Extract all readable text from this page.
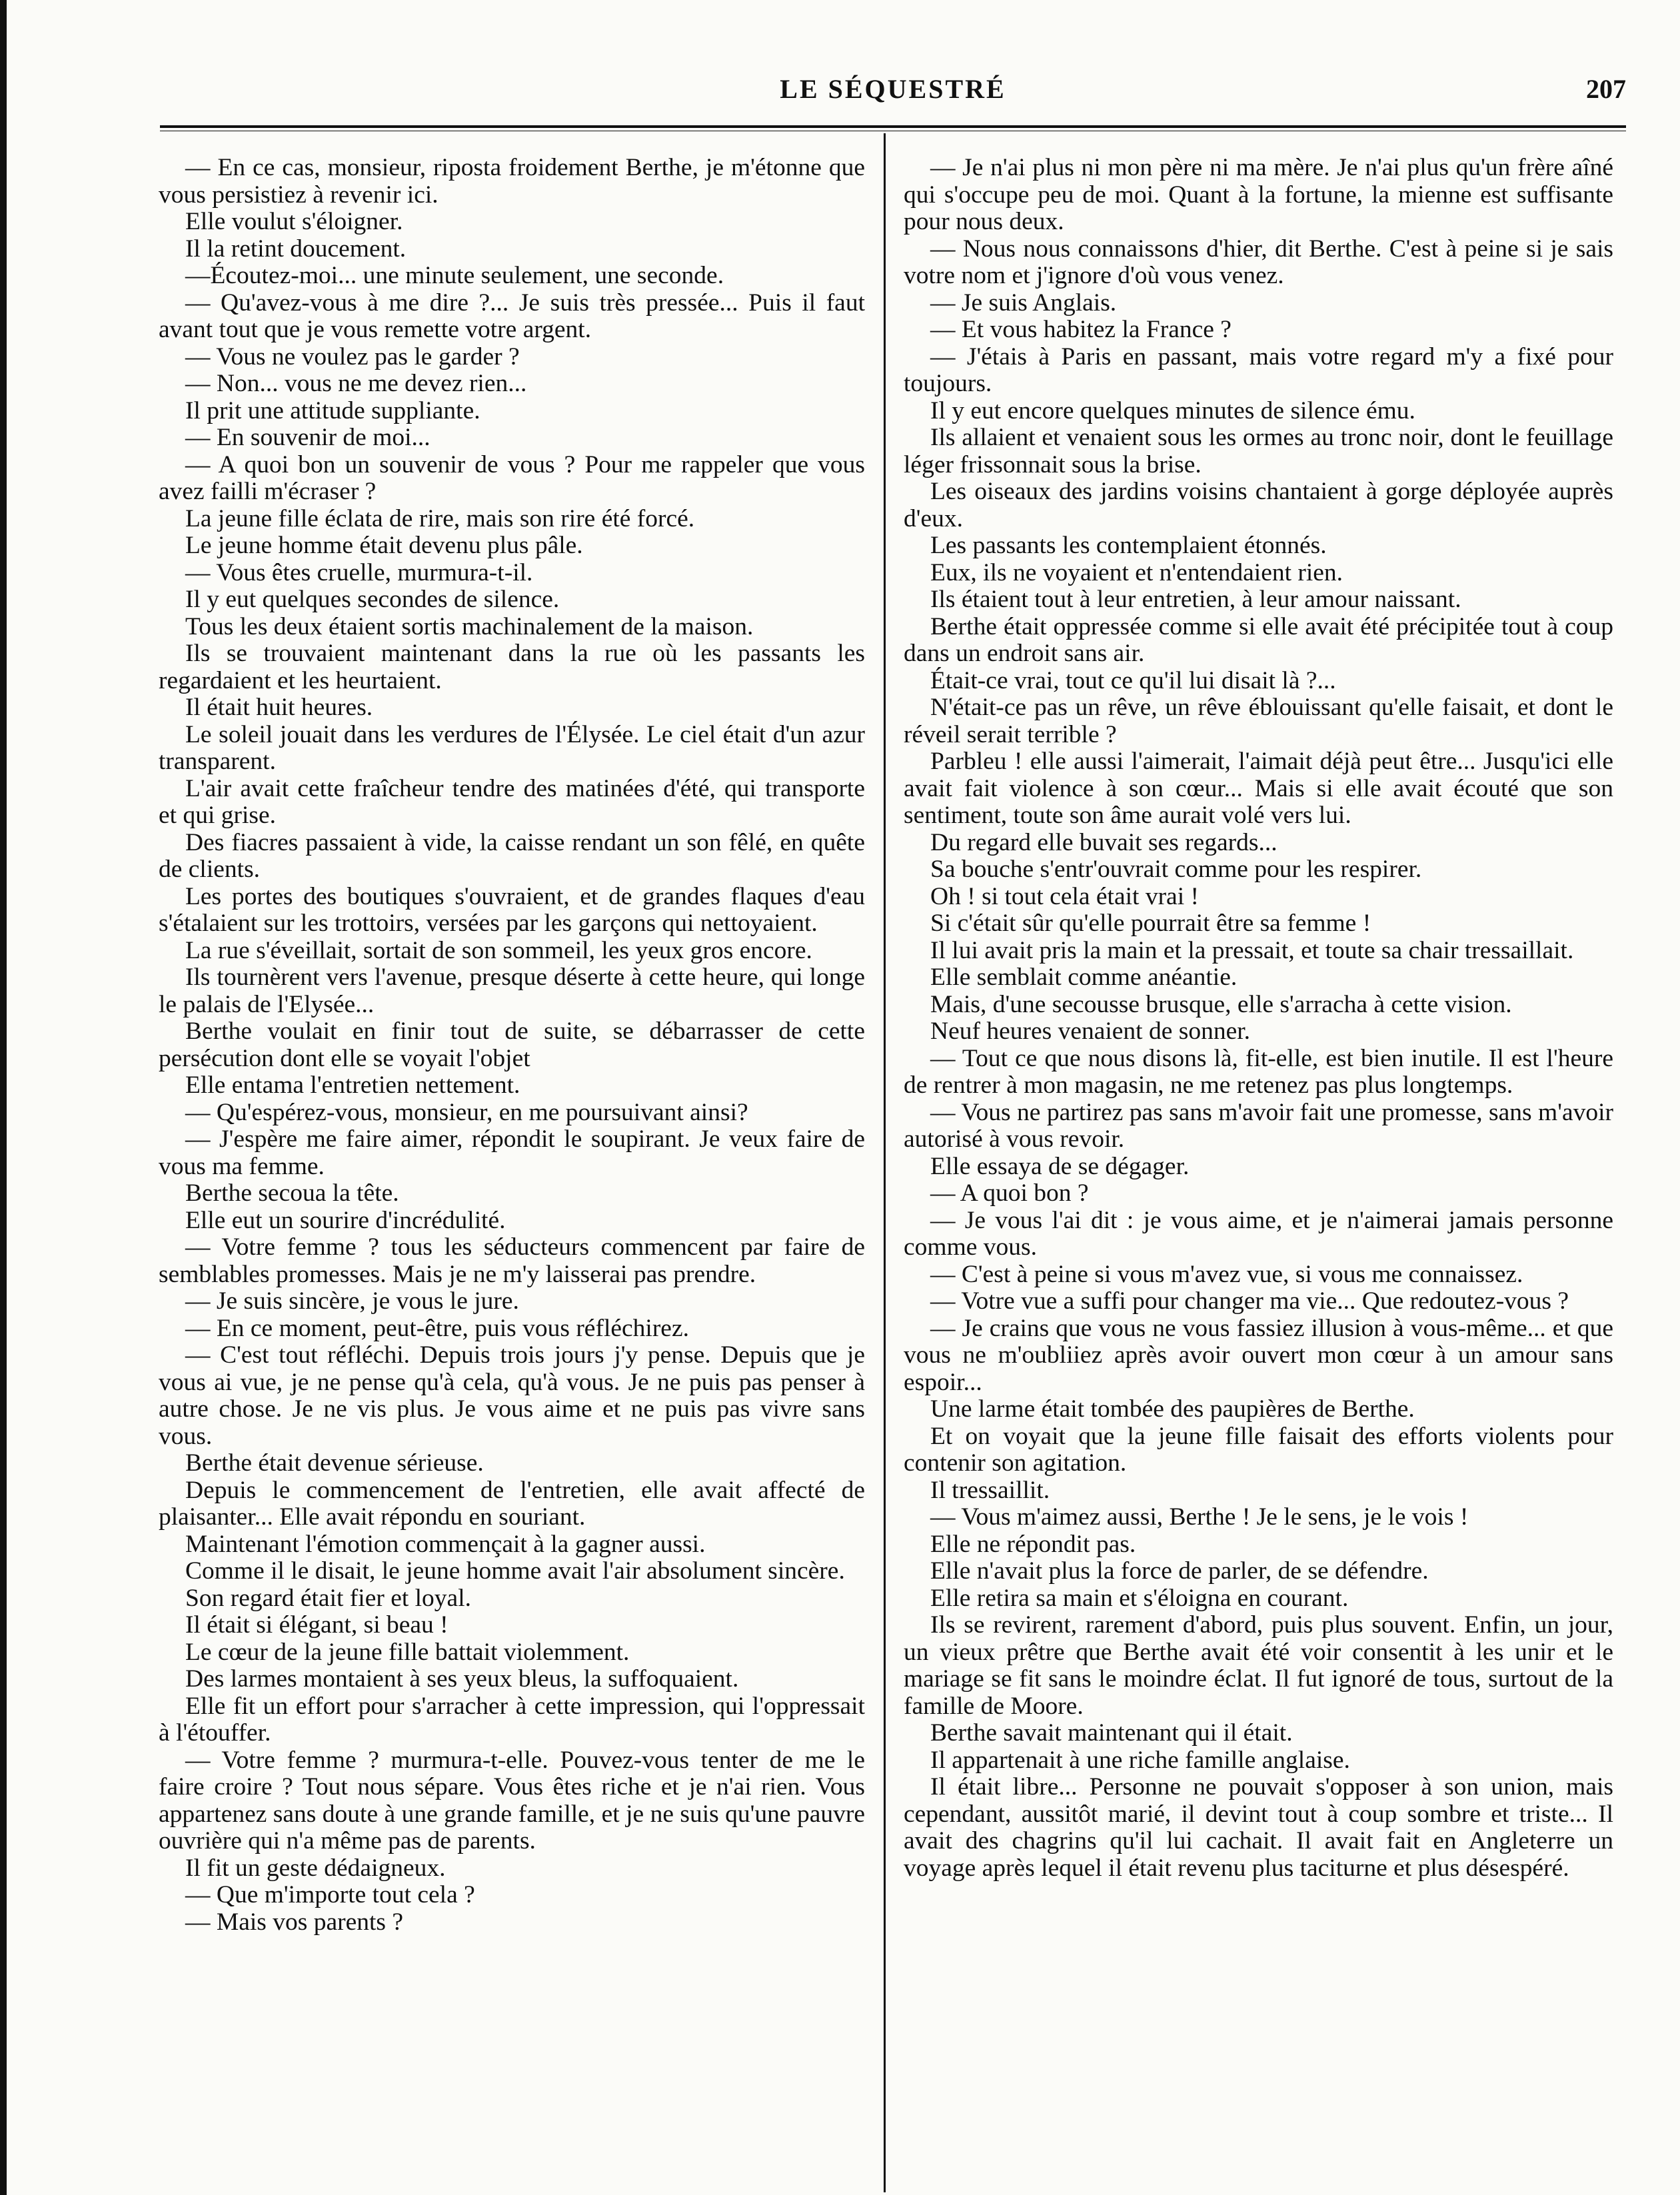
LE SÉQUESTRÉ	207

— En ce cas, monsieur, riposta froidement Berthe, je m'étonne que vous persistiez à revenir ici.

Elle voulut s'éloigner.

Il la retint doucement.

—Écoutez-moi... une minute seulement, une seconde.

— Qu'avez-vous à me dire ?... Je suis très pressée... Puis il faut avant tout que je vous remette votre argent.

— Vous ne voulez pas le garder ?

— Non... vous ne me devez rien...

Il prit une attitude suppliante.

— En souvenir de moi...

— A quoi bon un souvenir de vous ? Pour me rappeler que vous avez failli m'écraser ?

La jeune fille éclata de rire, mais son rire été forcé.

Le jeune homme était devenu plus pâle.

— Vous êtes cruelle, murmura-t-il.

Il y eut quelques secondes de silence.

Tous les deux étaient sortis machinalement de la maison.

Ils se trouvaient maintenant dans la rue où les passants les regardaient et les heurtaient.

Il était huit heures.

Le soleil jouait dans les verdures de l'Élysée. Le ciel était d'un azur transparent.

L'air avait cette fraîcheur tendre des matinées d'été, qui transporte et qui grise.

Des fiacres passaient à vide, la caisse rendant un son fêlé, en quête de clients.

Les portes des boutiques s'ouvraient, et de grandes flaques d'eau s'étalaient sur les trottoirs, versées par les garçons qui nettoyaient.

La rue s'éveillait, sortait de son sommeil, les yeux gros encore.

Ils tournèrent vers l'avenue, presque déserte à cette heure, qui longe le palais de l'Elysée...

Berthe voulait en finir tout de suite, se débarrasser de cette persécution dont elle se voyait l'objet

Elle entama l'entretien nettement.

— Qu'espérez-vous, monsieur, en me poursuivant ainsi?

— J'espère me faire aimer, répondit le soupirant. Je veux faire de vous ma femme.

Berthe secoua la tête.

Elle eut un sourire d'incrédulité.

— Votre femme ? tous les séducteurs commencent par faire de semblables promesses. Mais je ne m'y laisserai pas prendre.

— Je suis sincère, je vous le jure.

— En ce moment, peut-être, puis vous réfléchirez.

— C'est tout réfléchi. Depuis trois jours j'y pense. Depuis que je vous ai vue, je ne pense qu'à cela, qu'à vous. Je ne puis pas penser à autre chose. Je ne vis plus. Je vous aime et ne puis pas vivre sans vous.

Berthe était devenue sérieuse.

Depuis le commencement de l'entretien, elle avait affecté de plaisanter... Elle avait répondu en souriant.

Maintenant l'émotion commençait à la gagner aussi.

Comme il le disait, le jeune homme avait l'air absolument sincère.

Son regard était fier et loyal.

Il était si élégant, si beau !

Le cœur de la jeune fille battait violemment.

Des larmes montaient à ses yeux bleus, la suffoquaient.

Elle fit un effort pour s'arracher à cette impression, qui l'oppressait à l'étouffer.

— Votre femme ? murmura-t-elle. Pouvez-vous tenter de me le faire croire ? Tout nous sépare. Vous êtes riche et je n'ai rien. Vous appartenez sans doute à une grande famille, et je ne suis qu'une pauvre ouvrière qui n'a même pas de parents.

Il fit un geste dédaigneux.

— Que m'importe tout cela ?

— Mais vos parents ?

— Je n'ai plus ni mon père ni ma mère. Je n'ai plus qu'un frère aîné qui s'occupe peu de moi. Quant à la fortune, la mienne est suffisante pour nous deux.

— Nous nous connaissons d'hier, dit Berthe. C'est à peine si je sais votre nom et j'ignore d'où vous venez.

— Je suis Anglais.

— Et vous habitez la France ?

— J'étais à Paris en passant, mais votre regard m'y a fixé pour toujours.

Il y eut encore quelques minutes de silence ému.

Ils allaient et venaient sous les ormes au tronc noir, dont le feuillage léger frissonnait sous la brise.

Les oiseaux des jardins voisins chantaient à gorge déployée auprès d'eux.

Les passants les contemplaient étonnés.

Eux, ils ne voyaient et n'entendaient rien.

Ils étaient tout à leur entretien, à leur amour naissant.

Berthe était oppressée comme si elle avait été précipitée tout à coup dans un endroit sans air.

Était-ce vrai, tout ce qu'il lui disait là ?...

N'était-ce pas un rêve, un rêve éblouissant qu'elle faisait, et dont le réveil serait terrible ?

Parbleu ! elle aussi l'aimerait, l'aimait déjà peut être... Jusqu'ici elle avait fait violence à son cœur... Mais si elle avait écouté que son sentiment, toute son âme aurait volé vers lui.

Du regard elle buvait ses regards...

Sa bouche s'entr'ouvrait comme pour les respirer.

Oh ! si tout cela était vrai !

Si c'était sûr qu'elle pourrait être sa femme !

Il lui avait pris la main et la pressait, et toute sa chair tressaillait.

Elle semblait comme anéantie.

Mais, d'une secousse brusque, elle s'arracha à cette vision.

Neuf heures venaient de sonner.

— Tout ce que nous disons là, fit-elle, est bien inutile. Il est l'heure de rentrer à mon magasin, ne me retenez pas plus longtemps.

— Vous ne partirez pas sans m'avoir fait une promesse, sans m'avoir autorisé à vous revoir.

Elle essaya de se dégager.

— A quoi bon ?

— Je vous l'ai dit : je vous aime, et je n'aimerai jamais personne comme vous.

— C'est à peine si vous m'avez vue, si vous me connaissez.

— Votre vue a suffi pour changer ma vie... Que redoutez-vous ?

— Je crains que vous ne vous fassiez illusion à vous-même... et que vous ne m'oubliiez après avoir ouvert mon cœur à un amour sans espoir...

Une larme était tombée des paupières de Berthe.

Et on voyait que la jeune fille faisait des efforts violents pour contenir son agitation.

Il tressaillit.

— Vous m'aimez aussi, Berthe ! Je le sens, je le vois !

Elle ne répondit pas.

Elle n'avait plus la force de parler, de se défendre.

Elle retira sa main et s'éloigna en courant.

Ils se revirent, rarement d'abord, puis plus souvent. Enfin, un jour, un vieux prêtre que Berthe avait été voir consentit à les unir et le mariage se fit sans le moindre éclat. Il fut ignoré de tous, surtout de la famille de Moore.

Berthe savait maintenant qui il était.

Il appartenait à une riche famille anglaise.

Il était libre... Personne ne pouvait s'opposer à son union, mais cependant, aussitôt marié, il devint tout à coup sombre et triste... Il avait des chagrins qu'il lui cachait. Il avait fait en Angleterre un voyage après lequel il était revenu plus taciturne et plus désespéré.
